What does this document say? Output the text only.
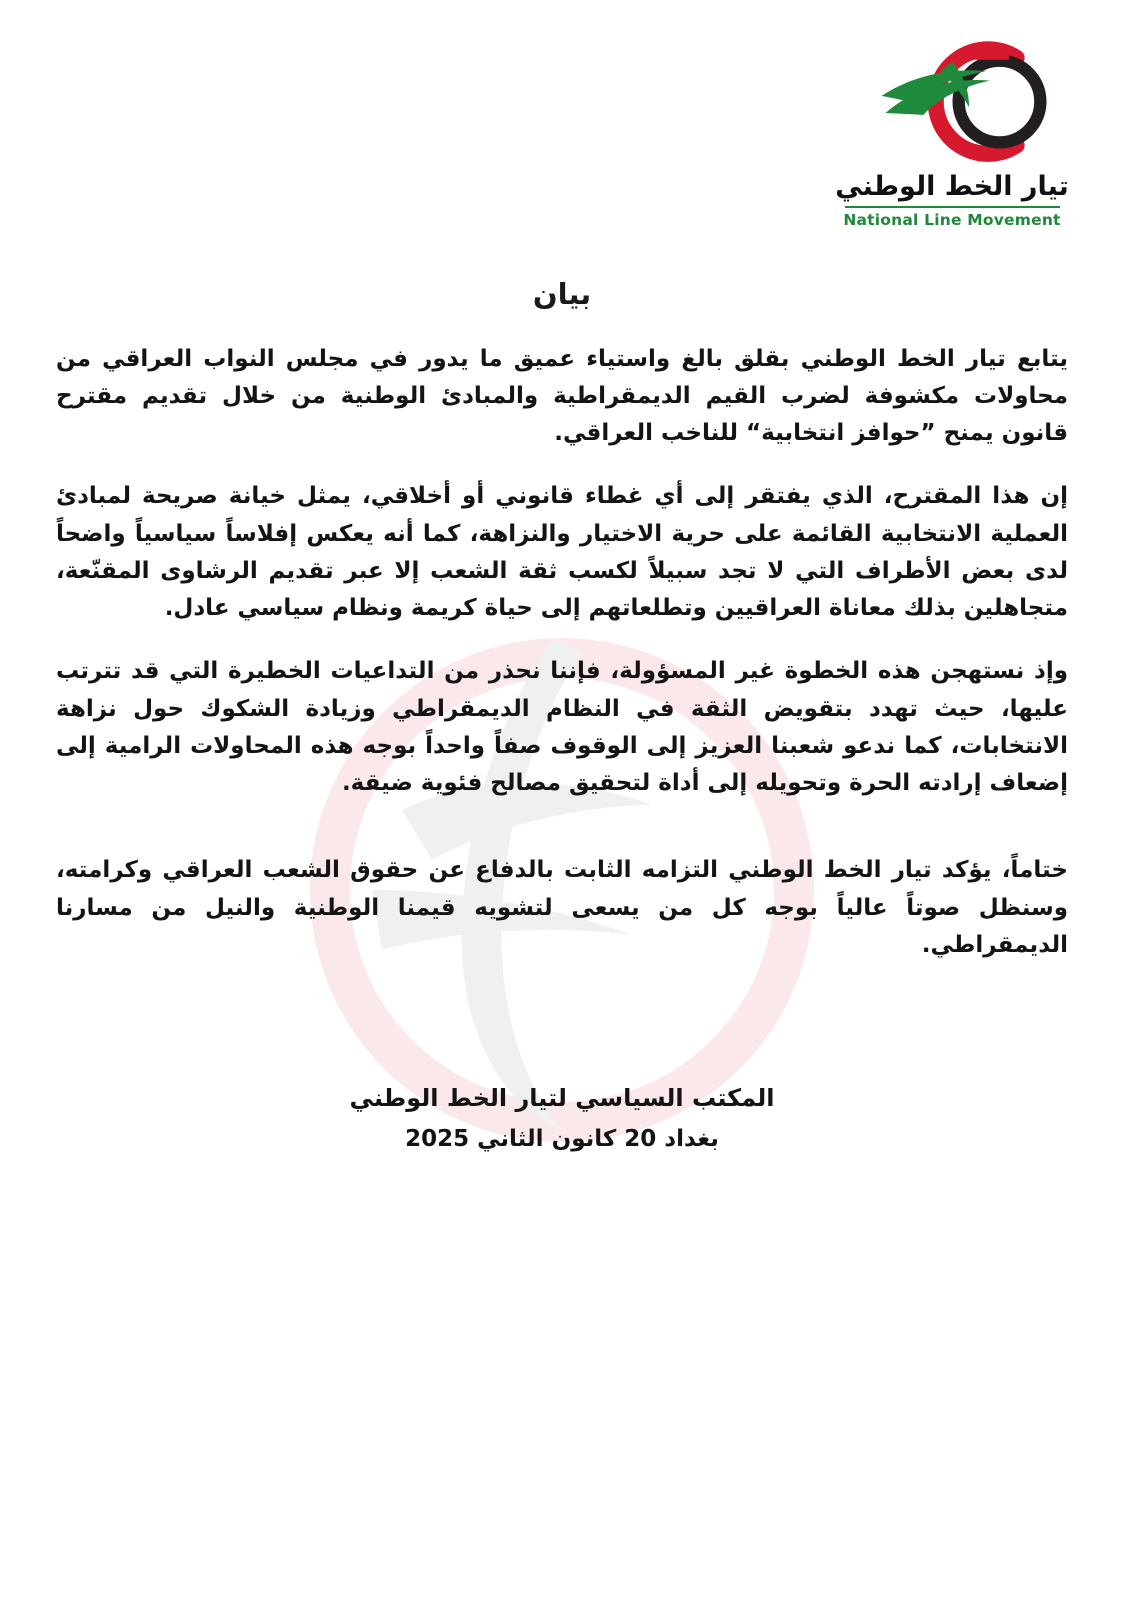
تيار الخط الوطني
National Line Movement
بيان

يتابع تيار الخط الوطني بقلق بالغ واستياء عميق ما يدور في مجلس النواب العراقي من محاولات مكشوفة لضرب القيم الديمقراطية والمبادئ الوطنية من خلال تقديم مقترح قانون يمنح ”حوافز انتخابية“ للناخب العراقي.

إن هذا المقترح، الذي يفتقر إلى أي غطاء قانوني أو أخلاقي، يمثل خيانة صريحة لمبادئ العملية الانتخابية القائمة على حرية الاختيار والنزاهة، كما أنه يعكس إفلاساً سياسياً واضحاً لدى بعض الأطراف التي لا تجد سبيلاً لكسب ثقة الشعب إلا عبر تقديم الرشاوى المقنّعة، متجاهلين بذلك معاناة العراقيين وتطلعاتهم إلى حياة كريمة ونظام سياسي عادل.

وإذ نستهجن هذه الخطوة غير المسؤولة، فإننا نحذر من التداعيات الخطيرة التي قد تترتب عليها، حيث تهدد بتقويض الثقة في النظام الديمقراطي وزيادة الشكوك حول نزاهة الانتخابات، كما ندعو شعبنا العزيز إلى الوقوف صفاً واحداً بوجه هذه المحاولات الرامية إلى إضعاف إرادته الحرة وتحويله إلى أداة لتحقيق مصالح فئوية ضيقة.

ختاماً، يؤكد تيار الخط الوطني التزامه الثابت بالدفاع عن حقوق الشعب العراقي وكرامته، وسنظل صوتاً عالياً بوجه كل من يسعى لتشويه قيمنا الوطنية والنيل من مسارنا الديمقراطي.

المكتب السياسي لتيار الخط الوطني
بغداد 20 كانون الثاني 2025
